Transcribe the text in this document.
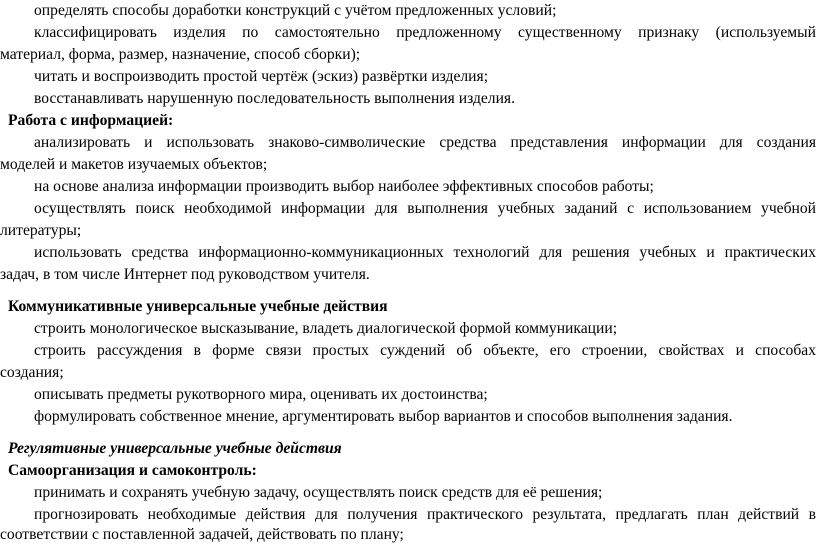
определять способы доработки конструкций с учётом предложенных условий;
классифицировать изделия по самостоятельно предложенному существенному признаку (используемый
материал, форма, размер, назначение, способ сборки);
читать и воспроизводить простой чертёж (эскиз) развёртки изделия;
восстанавливать нарушенную последовательность выполнения изделия.
Работа с информацией:
анализировать и использовать знаково-символические средства представления информации для создания
моделей и макетов изучаемых объектов;
на основе анализа информации производить выбор наиболее эффективных способов работы;
осуществлять поиск необходимой информации для выполнения учебных заданий с использованием учебной
литературы;
использовать средства информационно-коммуникационных технологий для решения учебных и практических
задач, в том числе Интернет под руководством учителя.
Коммуникативные универсальные учебные действия
строить монологическое высказывание, владеть диалогической формой коммуникации;
строить рассуждения в форме связи простых суждений об объекте, его строении, свойствах и способах
создания;
описывать предметы рукотворного мира, оценивать их достоинства;
формулировать собственное мнение, аргументировать выбор вариантов и способов выполнения задания.
Регулятивные универсальные учебные действия
Самоорганизация и самоконтроль:
принимать и сохранять учебную задачу, осуществлять поиск средств для её решения;
прогнозировать необходимые действия для получения практического результата, предлагать план действий в
соответствии с поставленной задачей, действовать по плану;
